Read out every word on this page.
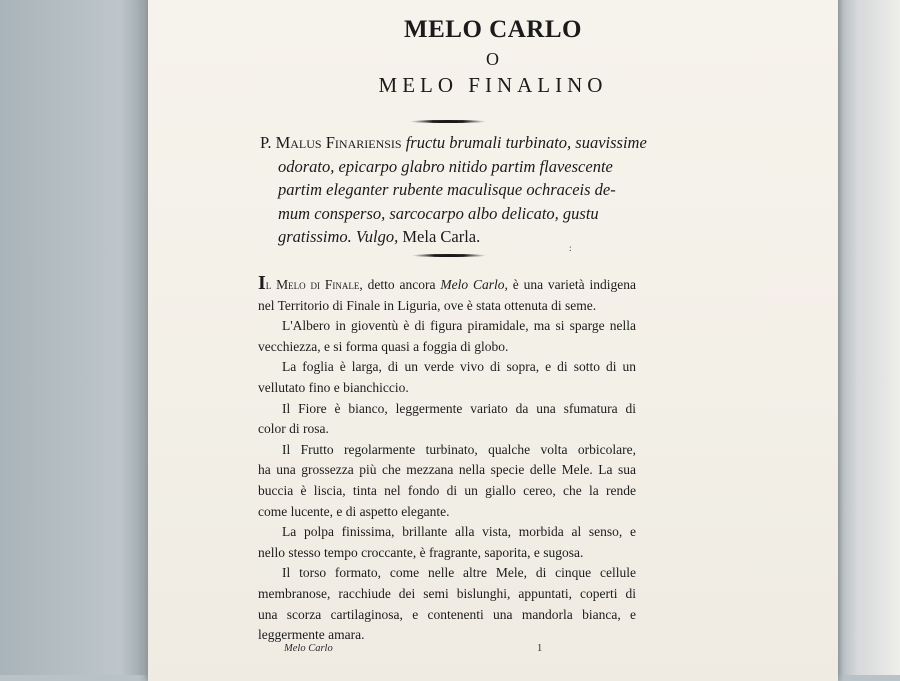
MELO CARLO
O
MELO FINALINO
P. Malus Finariensis fructu brumali turbinato, suavissime
odorato, epicarpo glabro nitido partim flavescente
partim eleganter rubente maculisque ochraceis de-
mum consperso, sarcocarpo albo delicato, gustu
gratissimo. Vulgo, Mela Carla.
:
Il Melo di Finale, detto ancora Melo Carlo, è una varietà indigena
nel Territorio di Finale in Liguria, ove è stata ottenuta di seme.
L'Albero in gioventù è di figura piramidale, ma si sparge nella
vecchiezza, e si forma quasi a foggia di globo.
La foglia è larga, di un verde vivo di sopra, e di sotto di un
vellutato fino e bianchiccio.
Il Fiore è bianco, leggermente variato da una sfumatura di
color di rosa.
Il Frutto regolarmente turbinato, qualche volta orbicolare,
ha una grossezza più che mezzana nella specie delle Mele. La sua
buccia è liscia, tinta nel fondo di un giallo cereo, che la rende
come lucente, e di aspetto elegante.
La polpa finissima, brillante alla vista, morbida al senso, e
nello stesso tempo croccante, è fragrante, saporita, e sugosa.
Il torso formato, come nelle altre Mele, di cinque cellule
membranose, racchiude dei semi bislunghi, appuntati, coperti di
una scorza cartilaginosa, e contenenti una mandorla bianca, e
leggermente amara.
Melo Carlo	1
